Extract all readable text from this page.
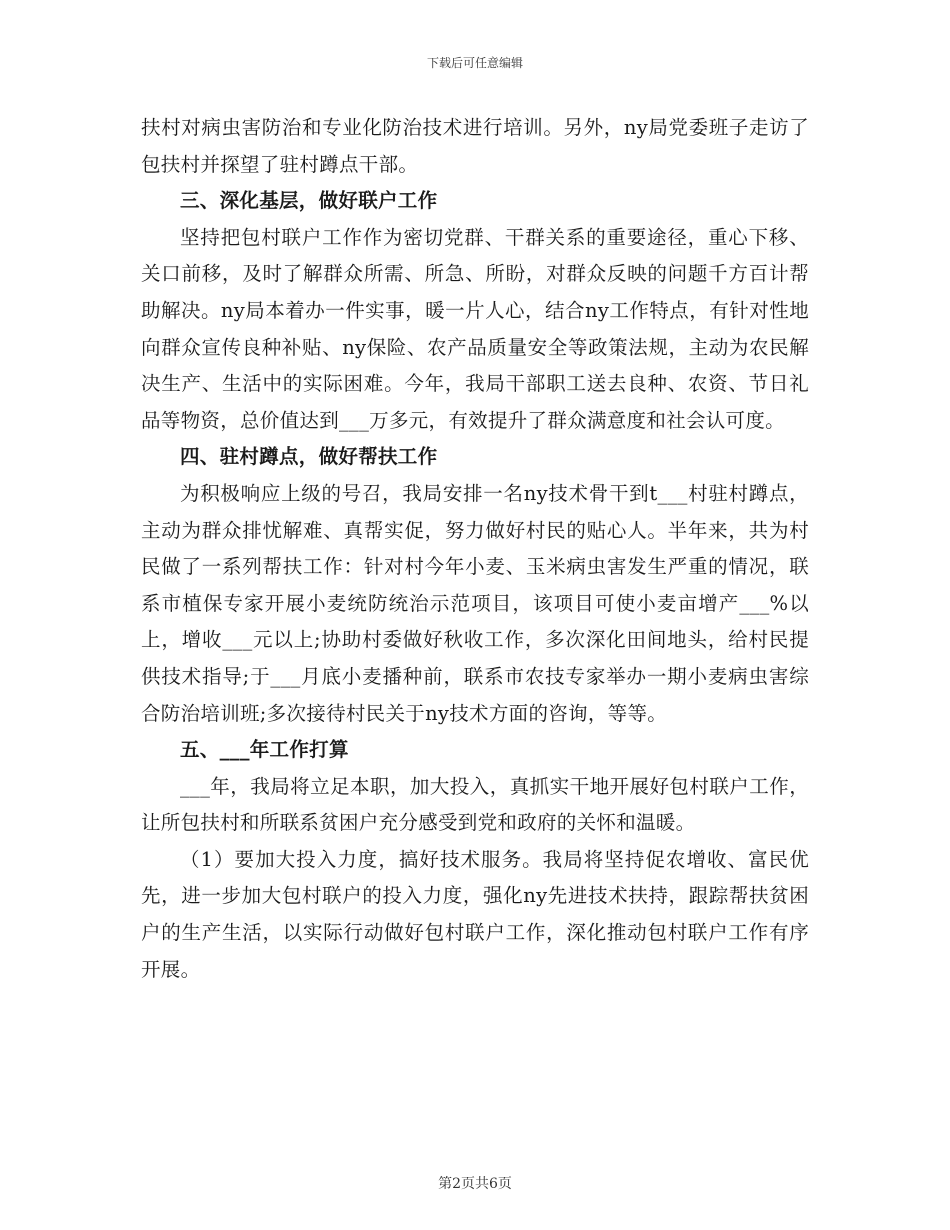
下载后可任意编辑

扶村对病虫害防治和专业化防治技术进行培训。另外，ny局党委班子走访了包扶村并探望了驻村蹲点干部。

三、深化基层，做好联户工作

坚持把包村联户工作作为密切党群、干群关系的重要途径，重心下移、关口前移，及时了解群众所需、所急、所盼，对群众反映的问题千方百计帮助解决。ny局本着办一件实事，暖一片人心，结合ny工作特点，有针对性地向群众宣传良种补贴、ny保险、农产品质量安全等政策法规，主动为农民解决生产、生活中的实际困难。今年，我局干部职工送去良种、农资、节日礼品等物资，总价值达到___万多元，有效提升了群众满意度和社会认可度。

四、驻村蹲点，做好帮扶工作

为积极响应上级的号召，我局安排一名ny技术骨干到t___村驻村蹲点，主动为群众排忧解难、真帮实促，努力做好村民的贴心人。半年来，共为村民做了一系列帮扶工作：针对村今年小麦、玉米病虫害发生严重的情况，联系市植保专家开展小麦统防统治示范项目，该项目可使小麦亩增产___%以上，增收___元以上;协助村委做好秋收工作，多次深化田间地头，给村民提供技术指导;于___月底小麦播种前，联系市农技专家举办一期小麦病虫害综合防治培训班;多次接待村民关于ny技术方面的咨询，等等。

五、___年工作打算

___年，我局将立足本职，加大投入，真抓实干地开展好包村联户工作，让所包扶村和所联系贫困户充分感受到党和政府的关怀和温暖。

（1）要加大投入力度，搞好技术服务。我局将坚持促农增收、富民优先，进一步加大包村联户的投入力度，强化ny先进技术扶持，跟踪帮扶贫困户的生产生活，以实际行动做好包村联户工作，深化推动包村联户工作有序开展。

第2页共6页
